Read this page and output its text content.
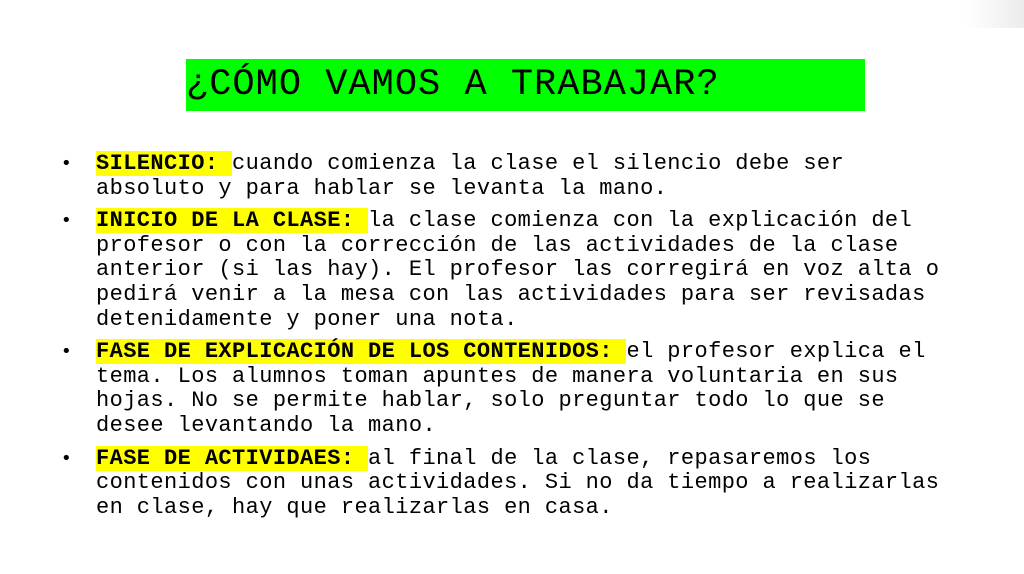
¿CÓMO VAMOS A TRABAJAR?
•	SILENCIO: cuando comienza la clase el silencio debe ser absoluto y para hablar se levanta la mano.
•	INICIO DE LA CLASE: la clase comienza con la explicación del profesor o con la corrección de las actividades de la clase anterior (si las hay). El profesor las corregirá en voz alta o pedirá venir a la mesa con las actividades para ser revisadas detenidamente y poner una nota.
•	FASE DE EXPLICACIÓN DE LOS CONTENIDOS: el profesor explica el tema. Los alumnos toman apuntes de manera voluntaria en sus hojas. No se permite hablar, solo preguntar todo lo que se desee levantando la mano.
•	FASE DE ACTIVIDAES: al final de la clase, repasaremos los contenidos con unas actividades. Si no da tiempo a realizarlas en clase, hay que realizarlas en casa.
